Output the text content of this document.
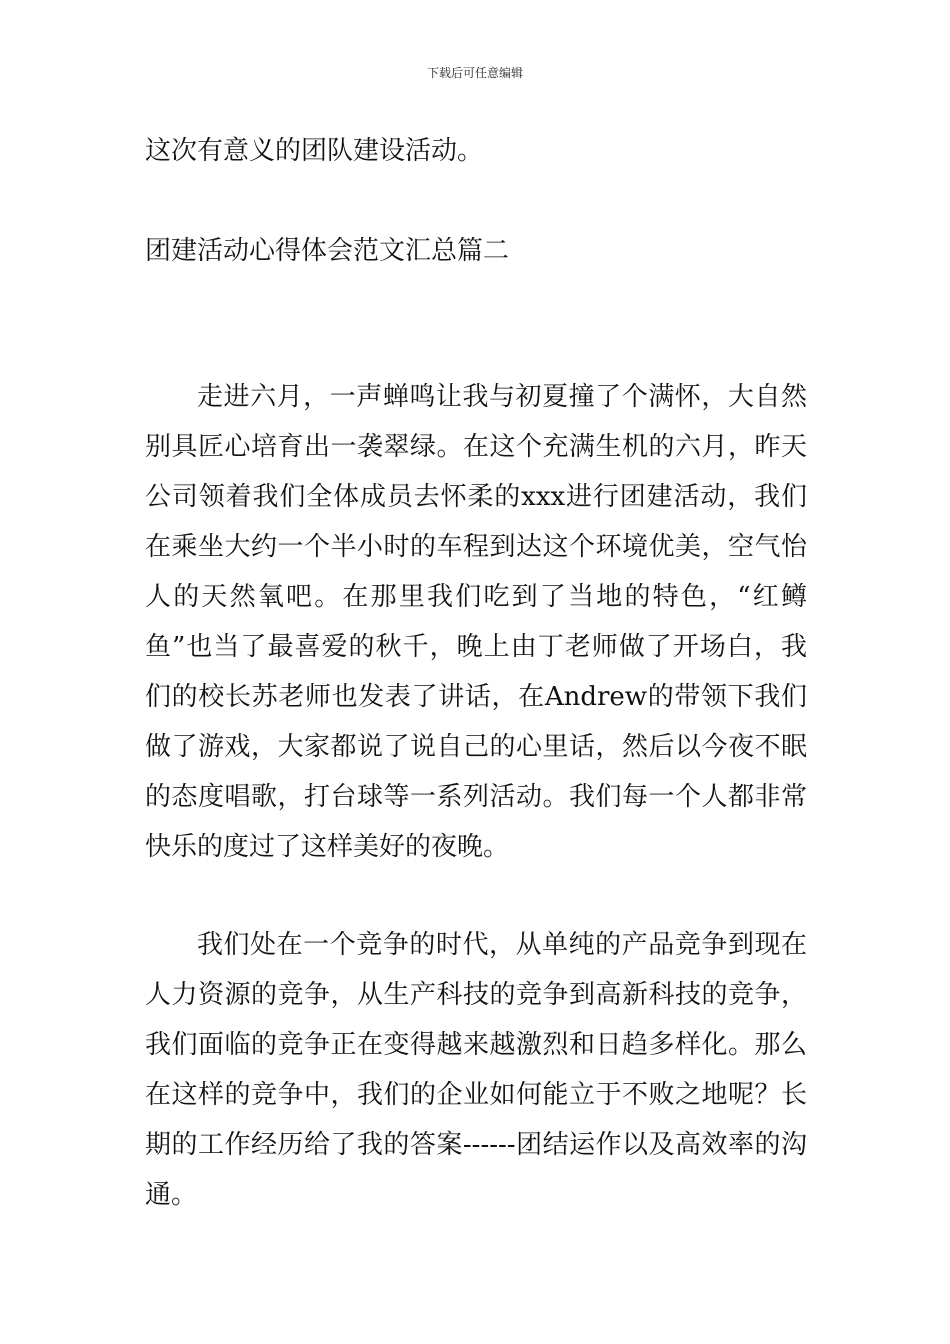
下载后可任意编辑

这次有意义的团队建设活动。

团建活动心得体会范文汇总篇二

走进六月，一声蝉鸣让我与初夏撞了个满怀，大自然别具匠心培育出一袭翠绿。在这个充满生机的六月，昨天公司领着我们全体成员去怀柔的xxx进行团建活动，我们在乘坐大约一个半小时的车程到达这个环境优美，空气怡人的天然氧吧。在那里我们吃到了当地的特色，“红鳟鱼”也当了最喜爱的秋千，晚上由丁老师做了开场白，我们的校长苏老师也发表了讲话，在Andrew的带领下我们做了游戏，大家都说了说自己的心里话，然后以今夜不眠的态度唱歌，打台球等一系列活动。我们每一个人都非常快乐的度过了这样美好的夜晚。

我们处在一个竞争的时代，从单纯的产品竞争到现在人力资源的竞争，从生产科技的竞争到高新科技的竞争，我们面临的竞争正在变得越来越激烈和日趋多样化。那么在这样的竞争中，我们的企业如何能立于不败之地呢？长期的工作经历给了我的答案------团结运作以及高效率的沟通。
